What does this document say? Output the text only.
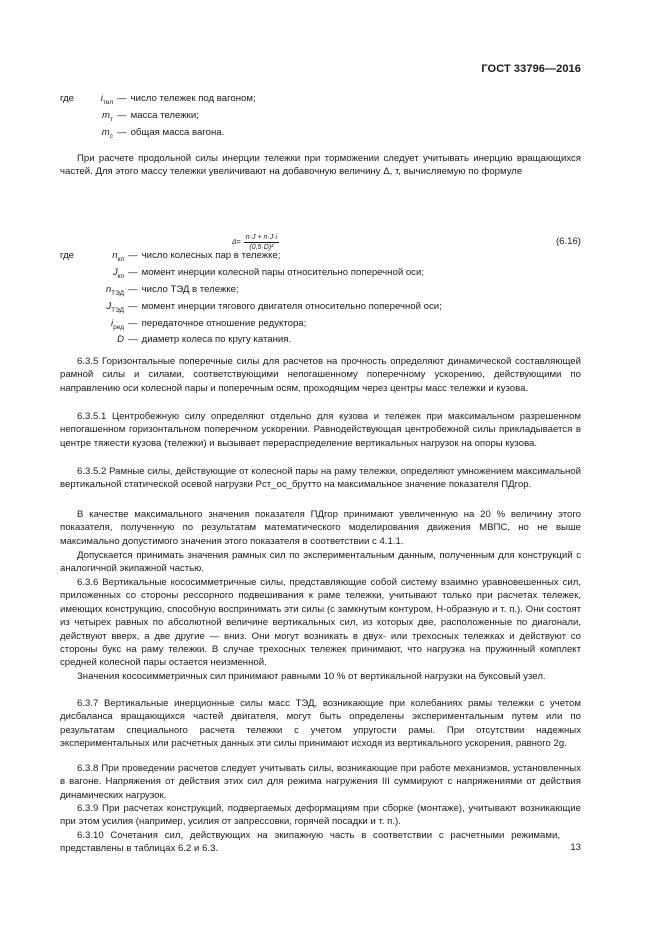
ГОСТ 33796—2016
где	$i_{тел}$ — число тележек под вагоном;
$m_т$ — масса тележки;
$m_с$ — общая масса вагона.
При расчете продольной силы инерции тележки при торможении следует учитывать инерцию вращающихся частей. Для этого массу тележки увеличивают на добавочную величину Δ, т, вычисляемую по формуле
$\Delta = \frac{n\cdot J + n\cdot J\cdot i}{\text{(0,5·D)²}}$	(6.16)
где	$n_{кп}$ — число колесных пар в тележке;
$J_{кп}$ — момент инерции колесной пары относительно поперечной оси;
$n_{ТЭД}$ — число ТЭД в тележке;
$J_{ТЭД}$ — момент инерции тягового двигателя относительно поперечной оси;
$i_{ред}$ — передаточное отношение редуктора;
D — диаметр колеса по кругу катания.
6.3.5 Горизонтальные поперечные силы для расчетов на прочность определяют динамической составляющей рамной силы и силами, соответствующими непогашенному поперечному ускорению, действующими по направлению оси колесной пары и поперечным осям, проходящим через центры масс тележки и кузова.
6.3.5.1 Центробежную силу определяют отдельно для кузова и тележек при максимальном разрешенном непогашенном горизонтальном поперечном ускорении. Равнодействующая центробежной силы прикладывается в центре тяжести кузова (тележки) и вызывает перераспределение вертикальных нагрузок на опоры кузова.
6.3.5.2 Рамные силы, действующие от колесной пары на раму тележки, определяют умножением максимальной вертикальной статической осевой нагрузки Pст_ос_брутто на максимальное значение показателя ПДгор.
В качестве максимального значения показателя ПДгор принимают увеличенную на 20 % величину этого показателя, полученную по результатам математического моделирования движения МВПС, но не выше максимально допустимого значения этого показателя в соответствии с 4.1.1.
Допускается принимать значения рамных сил по экспериментальным данным, полученным для конструкций с аналогичной экипажной частью.
6.3.6 Вертикальные кососимметричные силы, представляющие собой систему взаимно уравновешенных сил, приложенных со стороны рессорного подвешивания к раме тележки, учитывают только при расчетах тележек, имеющих конструкцию, способную воспринимать эти силы (с замкнутым контуром, Н-образную и т. п.). Они состоят из четырех равных по абсолютной величине вертикальных сил, из которых две, расположенные по диагонали, действуют вверх, а две другие — вниз. Они могут возникать в двух- или трехосных тележках и действуют со стороны букс на раму тележки. В случае трехосных тележек принимают, что нагрузка на пружинный комплект средней колесной пары остается неизменной.
Значения кососимметричных сил принимают равными 10 % от вертикальной нагрузки на буксовый узел.
6.3.7 Вертикальные инерционные силы масс ТЭД, возникающие при колебаниях рамы тележки с учетом дисбаланса вращающихся частей двигателя, могут быть определены экспериментальным путем или по результатам специального расчета тележки с учетом упругости рамы. При отсутствии надежных экспериментальных или расчетных данных эти силы принимают исходя из вертикального ускорения, равного 2g.
6.3.8 При проведении расчетов следует учитывать силы, возникающие при работе механизмов, установленных в вагоне. Напряжения от действия этих сил для режима нагружения III суммируют с напряжениями от действия динамических нагрузок.
6.3.9 При расчетах конструкций, подвергаемых деформациям при сборке (монтаже), учитывают возникающие при этом усилия (например, усилия от запрессовки, горячей посадки и т. п.).
6.3.10 Сочетания сил, действующих на экипажную часть в соответствии с расчетными режимами, представлены в таблицах 6.2 и 6.3.	13
